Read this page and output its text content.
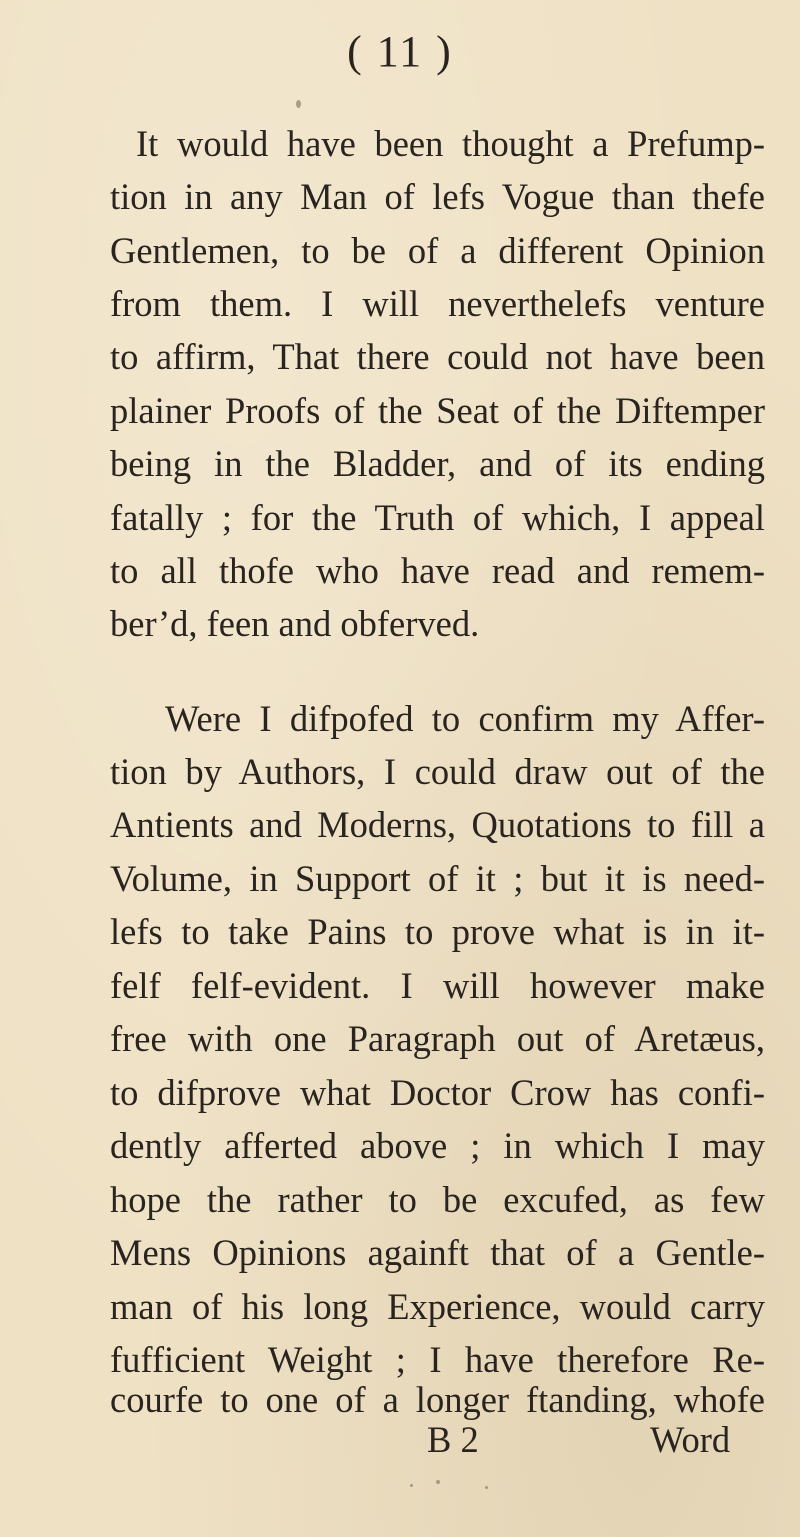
( 11 )
It would have been thought a Prefump-
tion in any Man of lefs Vogue than thefe
Gentlemen, to be of a different Opinion
from them. I will neverthelefs venture
to affirm, That there could not have been
plainer Proofs of the Seat of the Diftemper
being in the Bladder, and of its ending
fatally ; for the Truth of which, I appeal
to all thofe who have read and remem-
ber’d, feen and obferved.
Were I difpofed to confirm my Affer-
tion by Authors, I could draw out of the
Antients and Moderns, Quotations to fill a
Volume, in Support of it ; but it is need-
lefs to take Pains to prove what is in it-
felf felf-evident. I will however make
free with one Paragraph out of Aretæus,
to difprove what Doctor Crow has confi-
dently afferted above ; in which I may
hope the rather to be excufed, as few
Mens Opinions againft that of a Gentle-
man of his long Experience, would carry
fufficient Weight ; I have therefore Re-
courfe to one of a longer ftanding, whofe
B 2	Word
